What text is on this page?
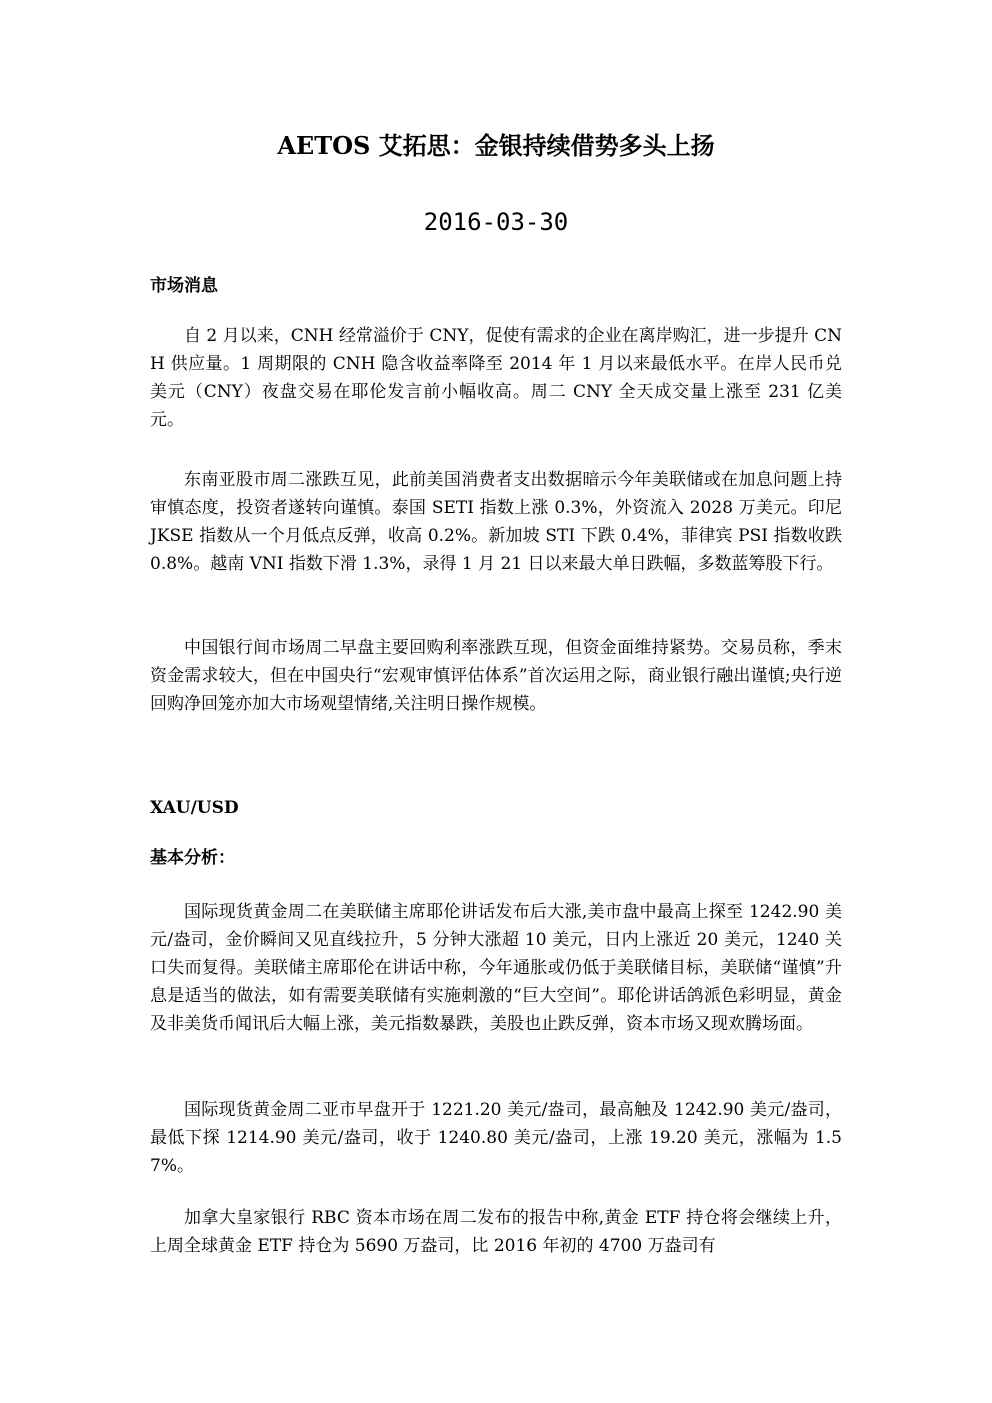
AETOS 艾拓思：金银持续借势多头上扬
2016-03-30
市场消息

自 2 月以来，CNH 经常溢价于 CNY，促使有需求的企业在离岸购汇，进一步提升 CNH 供应量。1 周期限的 CNH 隐含收益率降至 2014 年 1 月以来最低水平。在岸人民币兑美元（CNY）夜盘交易在耶伦发言前小幅收高。周二 CNY 全天成交量上涨至 231 亿美元。

东南亚股市周二涨跌互见，此前美国消费者支出数据暗示今年美联储或在加息问题上持审慎态度，投资者遂转向谨慎。泰国 SETI 指数上涨 0.3%，外资流入 2028 万美元。印尼 JKSE 指数从一个月低点反弹，收高 0.2%。新加坡 STI 下跌 0.4%，菲律宾 PSI 指数收跌 0.8%。越南 VNI 指数下滑 1.3%，录得 1 月 21 日以来最大单日跌幅，多数蓝筹股下行。

中国银行间市场周二早盘主要回购利率涨跌互现，但资金面维持紧势。交易员称，季末资金需求较大，但在中国央行“宏观审慎评估体系”首次运用之际，商业银行融出谨慎;央行逆回购净回笼亦加大市场观望情绪,关注明日操作规模。

XAU/USD
基本分析：

国际现货黄金周二在美联储主席耶伦讲话发布后大涨,美市盘中最高上探至 1242.90 美元/盎司，金价瞬间又见直线拉升，5 分钟大涨超 10 美元，日内上涨近 20 美元，1240 关口失而复得。美联储主席耶伦在讲话中称，今年通胀或仍低于美联储目标，美联储“谨慎”升息是适当的做法，如有需要美联储有实施刺激的“巨大空间”。耶伦讲话鸽派色彩明显，黄金及非美货币闻讯后大幅上涨，美元指数暴跌，美股也止跌反弹，资本市场又现欢腾场面。

国际现货黄金周二亚市早盘开于 1221.20 美元/盎司，最高触及 1242.90 美元/盎司，最低下探 1214.90 美元/盎司，收于 1240.80 美元/盎司，上涨 19.20 美元，涨幅为 1.57%。

加拿大皇家银行 RBC 资本市场在周二发布的报告中称,黄金 ETF 持仓将会继续上升，上周全球黄金 ETF 持仓为 5690 万盎司，比 2016 年初的 4700 万盎司有
